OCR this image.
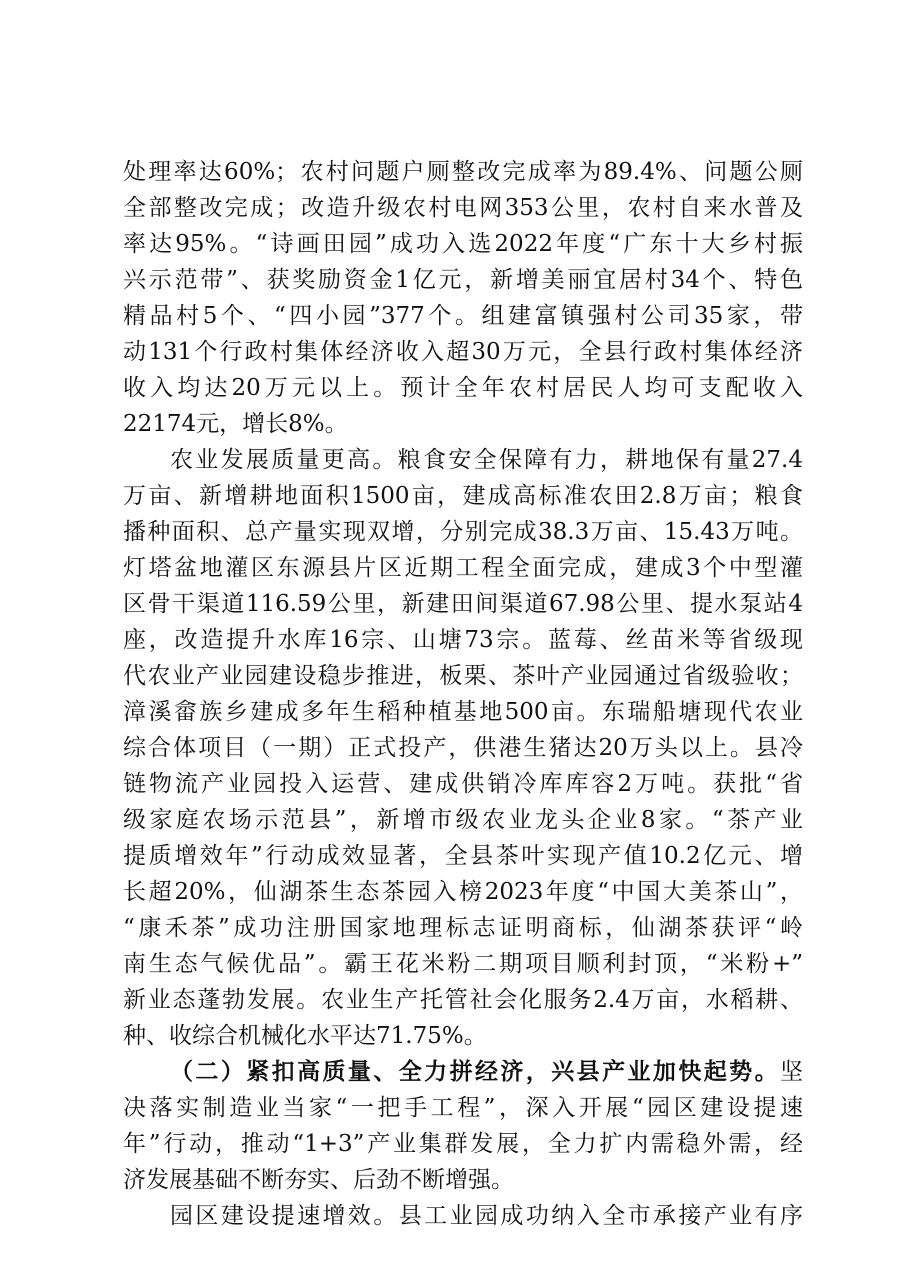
处理率达60%；农村问题户厕整改完成率为89.4%、问题公厕
全部整改完成；改造升级农村电网353公里，农村自来水普及
率达95%。“诗画田园”成功入选2022年度“广东十大乡村振
兴示范带”、获奖励资金1亿元，新增美丽宜居村34个、特色
精品村5个、“四小园”377个。组建富镇强村公司35家，带
动131个行政村集体经济收入超30万元，全县行政村集体经济
收入均达20万元以上。预计全年农村居民人均可支配收入
22174元，增长8%。
农业发展质量更高。粮食安全保障有力，耕地保有量27.4
万亩、新增耕地面积1500亩，建成高标准农田2.8万亩；粮食
播种面积、总产量实现双增，分别完成38.3万亩、15.43万吨。
灯塔盆地灌区东源县片区近期工程全面完成，建成3个中型灌
区骨干渠道116.59公里，新建田间渠道67.98公里、提水泵站4
座，改造提升水库16宗、山塘73宗。蓝莓、丝苗米等省级现
代农业产业园建设稳步推进，板栗、茶叶产业园通过省级验收；
漳溪畲族乡建成多年生稻种植基地500亩。东瑞船塘现代农业
综合体项目（一期）正式投产，供港生猪达20万头以上。县冷
链物流产业园投入运营、建成供销冷库库容2万吨。获批“省
级家庭农场示范县”，新增市级农业龙头企业8家。“茶产业
提质增效年”行动成效显著，全县茶叶实现产值10.2亿元、增
长超20%，仙湖茶生态茶园入榜2023年度“中国大美茶山”，
“康禾茶”成功注册国家地理标志证明商标，仙湖茶获评“岭
南生态气候优品”。霸王花米粉二期项目顺利封顶，“米粉+”
新业态蓬勃发展。农业生产托管社会化服务2.4万亩，水稻耕、
种、收综合机械化水平达71.75%。
（二）紧扣高质量、全力拼经济，兴县产业加快起势。坚
决落实制造业当家“一把手工程”，深入开展“园区建设提速
年”行动，推动“1+3”产业集群发展，全力扩内需稳外需，经
济发展基础不断夯实、后劲不断增强。
园区建设提速增效。县工业园成功纳入全市承接产业有序
